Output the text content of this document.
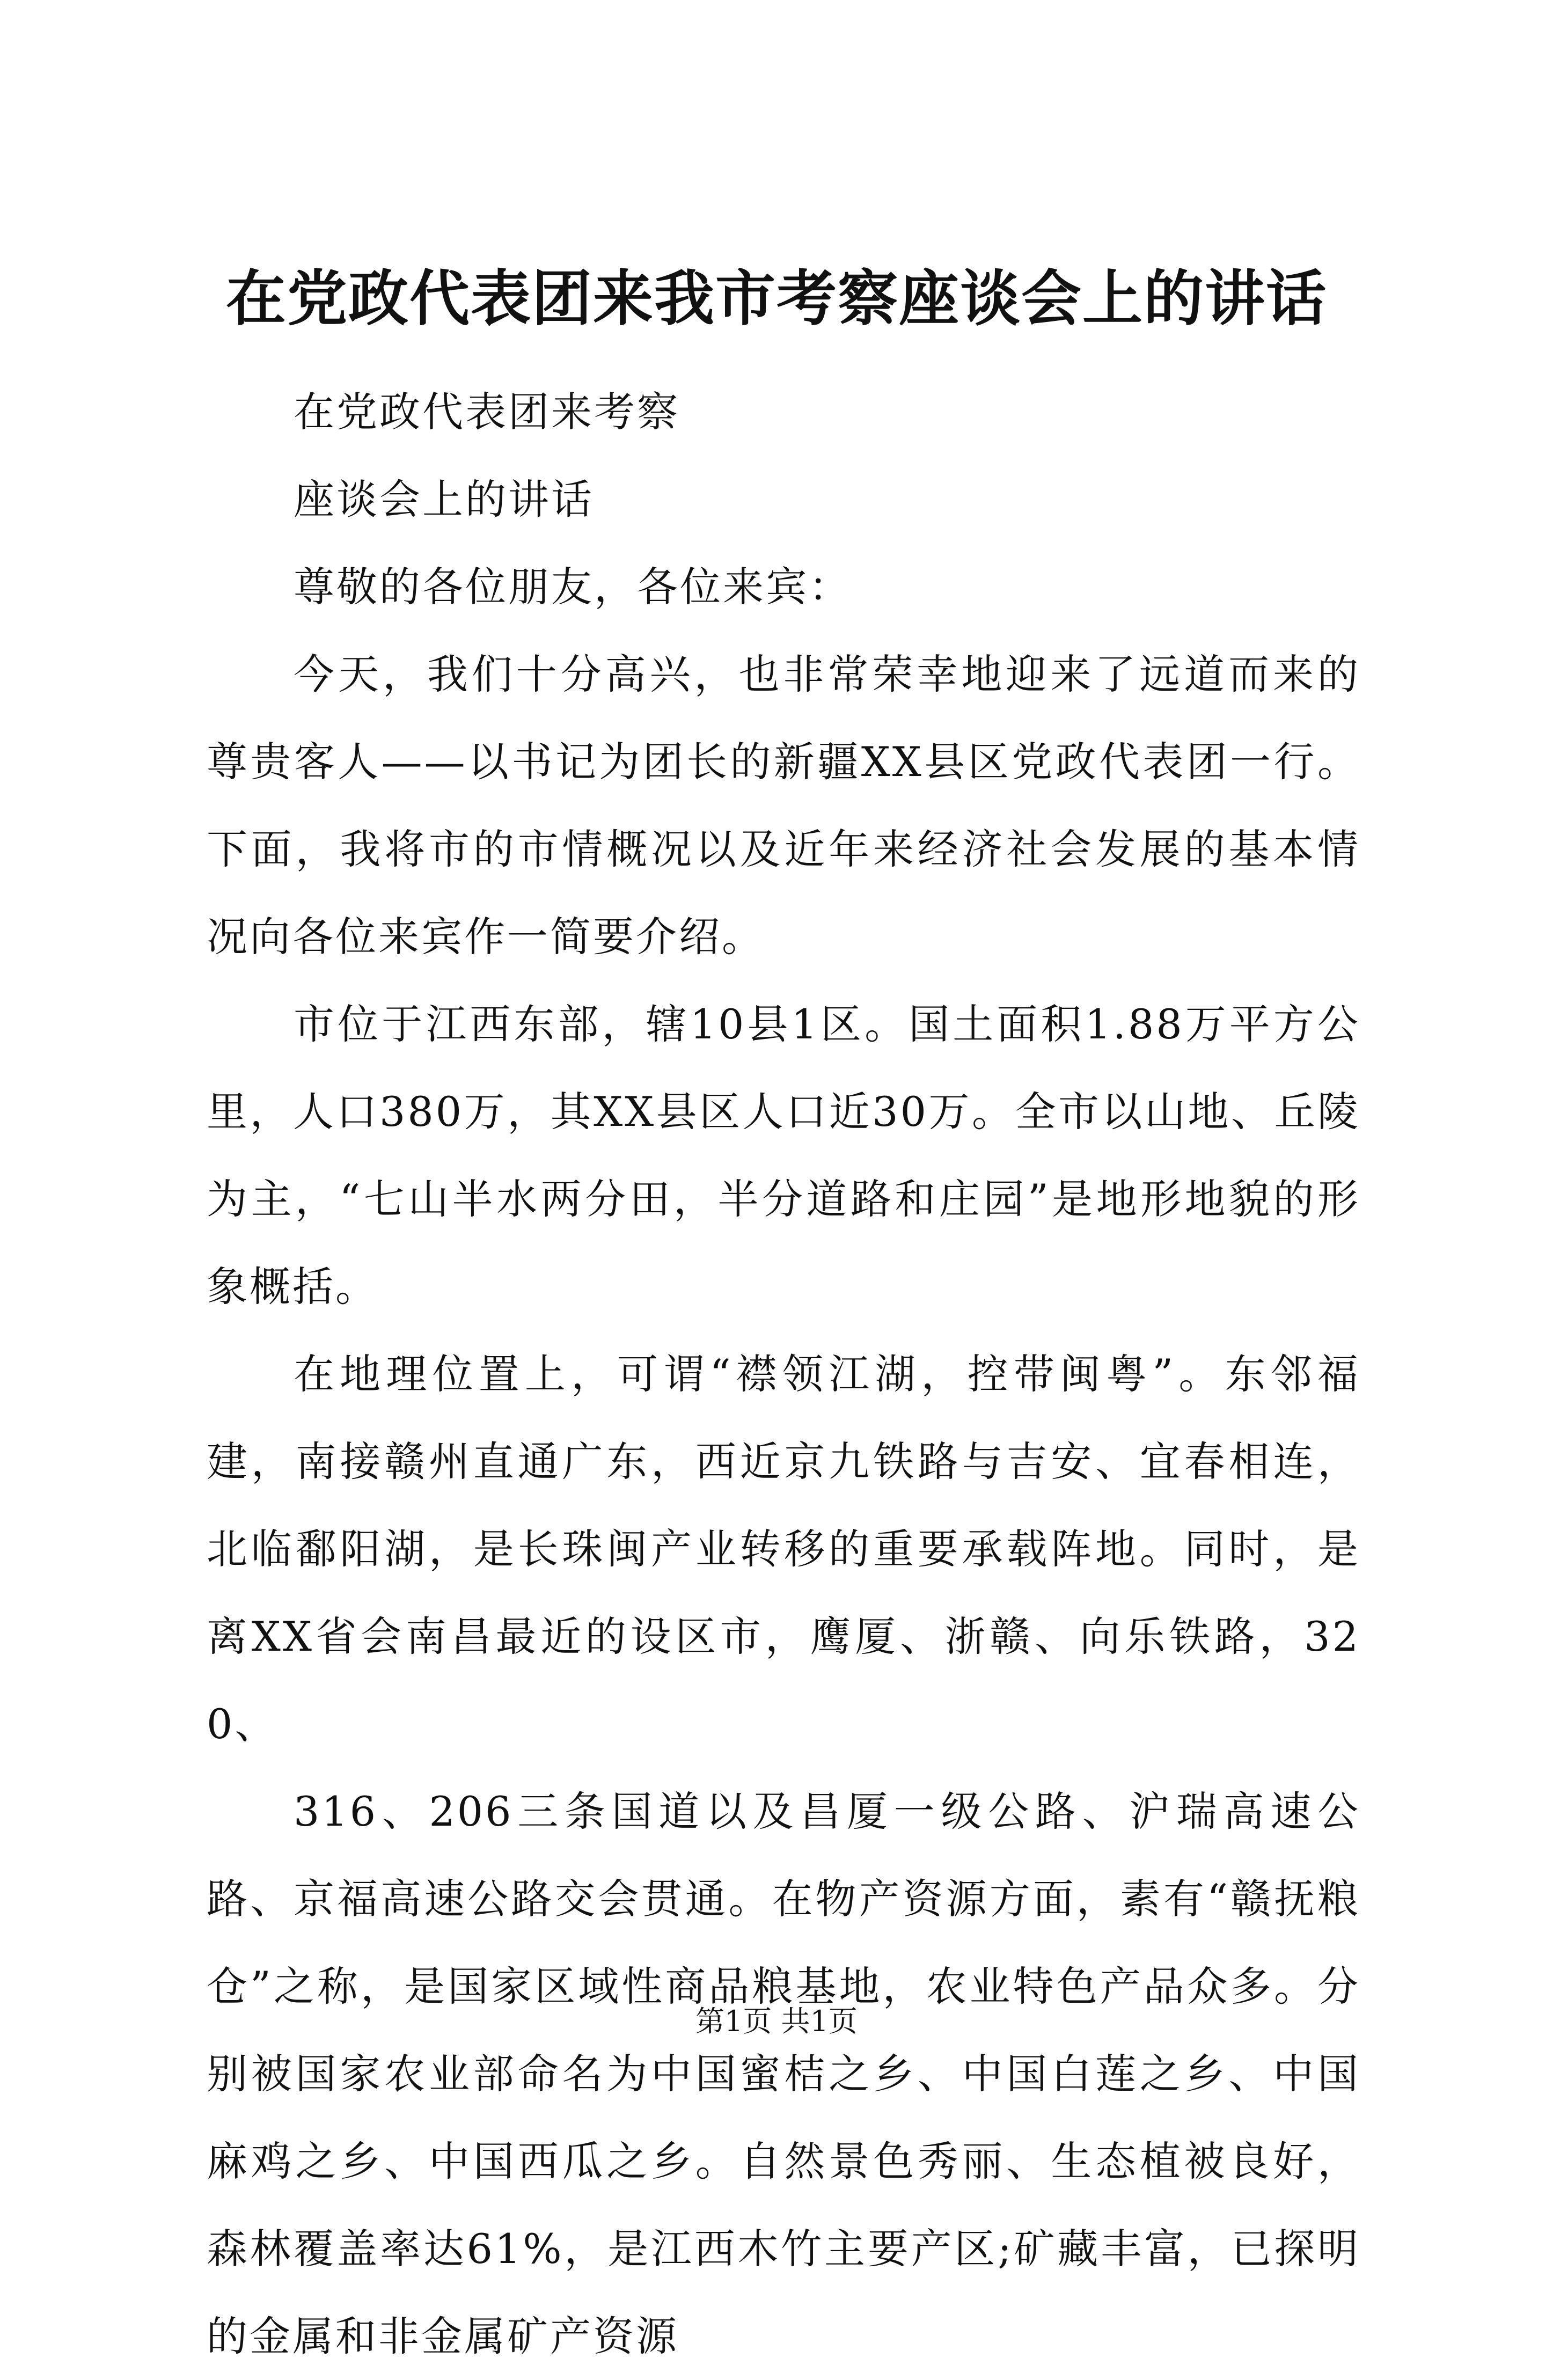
在党政代表团来我市考察座谈会上的讲话

在党政代表团来考察

座谈会上的讲话

尊敬的各位朋友，各位来宾：

今天，我们十分高兴，也非常荣幸地迎来了远道而来的尊贵客人——以书记为团长的新疆XX县区党政代表团一行。下面，我将市的市情概况以及近年来经济社会发展的基本情况向各位来宾作一简要介绍。

市位于江西东部，辖10县1区。国土面积1.88万平方公里，人口380万，其XX县区人口近30万。全市以山地、丘陵为主，“七山半水两分田，半分道路和庄园”是地形地貌的形象概括。

在地理位置上，可谓“襟领江湖，控带闽粤”。东邻福建，南接赣州直通广东，西近京九铁路与吉安、宜春相连，北临鄱阳湖，是长珠闽产业转移的重要承载阵地。同时，是离XX省会南昌最近的设区市，鹰厦、浙赣、向乐铁路，320、

316、206三条国道以及昌厦一级公路、沪瑞高速公路、京福高速公路交会贯通。在物产资源方面，素有“赣抚粮仓”之称，是国家区域性商品粮基地，农业特色产品众多。分别被国家农业部命名为中国蜜桔之乡、中国白莲之乡、中国麻鸡之乡、中国西瓜之乡。自然景色秀丽、生态植被良好，森林覆盖率达61%，是江西木竹主要产区;矿藏丰富，已探明的金属和非金属矿产资源

第1页 共1页
